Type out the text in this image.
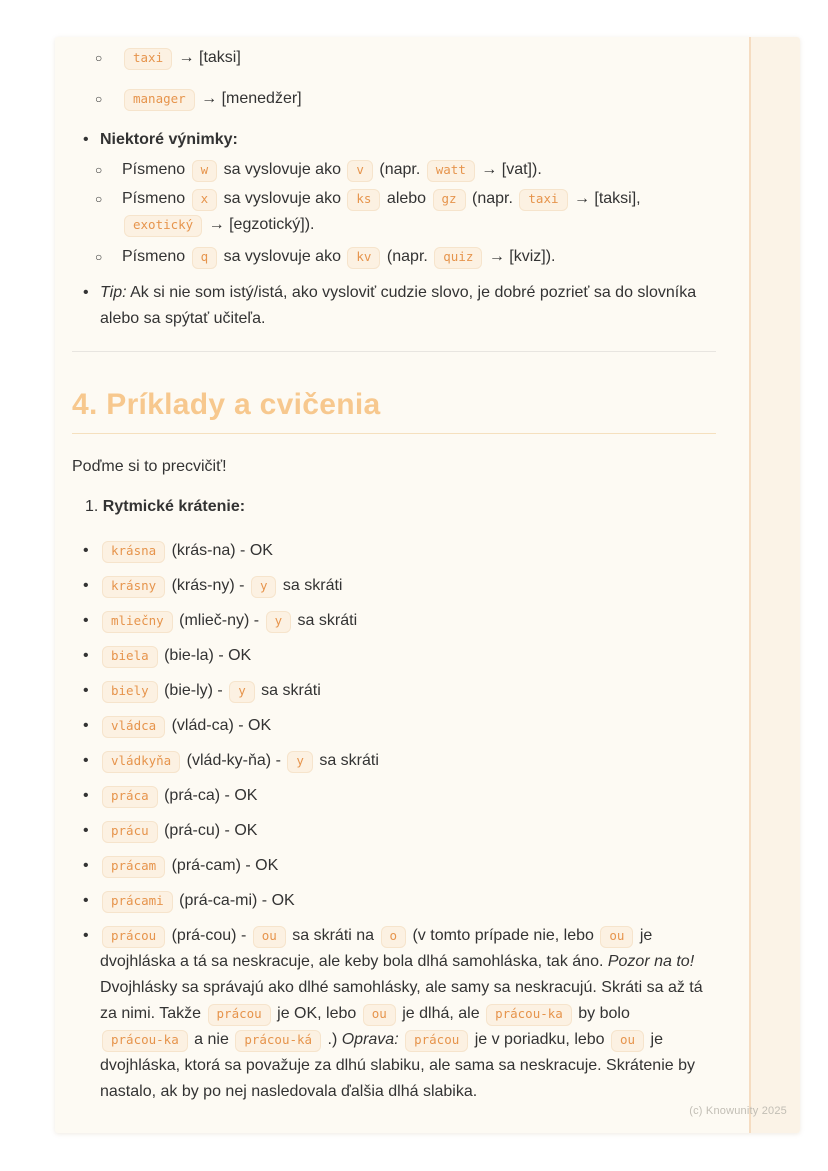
○ taxi → [taksi]
○ manager → [menedžer]
• Niektoré výnimky:
○ Písmeno w sa vyslovuje ako v (napr. watt → [vat]).
○ Písmeno x sa vyslovuje ako ks alebo gz (napr. taxi → [taksi], exotický → [egzotický]).
○ Písmeno q sa vyslovuje ako kv (napr. quiz → [kviz]).
• Tip: Ak si nie som istý/istá, ako vysloviť cudzie slovo, je dobré pozrieť sa do slovníka alebo sa spýtať učiteľa.
4. Príklady a cvičenia

Poďme si to precvičiť!

1. Rytmické krátenie:
• krásna (krás-na) - OK
• krásny (krás-ny) - y sa skráti
• mliečny (mlieč-ny) - y sa skráti
• biela (bie-la) - OK
• biely (bie-ly) - y sa skráti
• vládca (vlád-ca) - OK
• vládkyňa (vlád-ky-ňa) - y sa skráti
• práca (prá-ca) - OK
• prácu (prá-cu) - OK
• prácam (prá-cam) - OK
• prácami (prá-ca-mi) - OK
• prácou (prá-cou) - ou sa skráti na o (v tomto prípade nie, lebo ou je dvojhláska a tá sa neskracuje, ale keby bola dlhá samohláska, tak áno. Pozor na to! Dvojhlásky sa správajú ako dlhé samohlásky, ale samy sa neskracujú. Skráti sa až tá za nimi. Takže prácou je OK, lebo ou je dlhá, ale prácou-ka by bolo prácou-ka a nie prácou-ká .) Oprava: prácou je v poriadku, lebo ou je dvojhláska, ktorá sa považuje za dlhú slabiku, ale sama sa neskracuje. Skrátenie by nastalo, ak by po nej nasledovala ďalšia dlhá slabika.
(c) Knowunity 2025
